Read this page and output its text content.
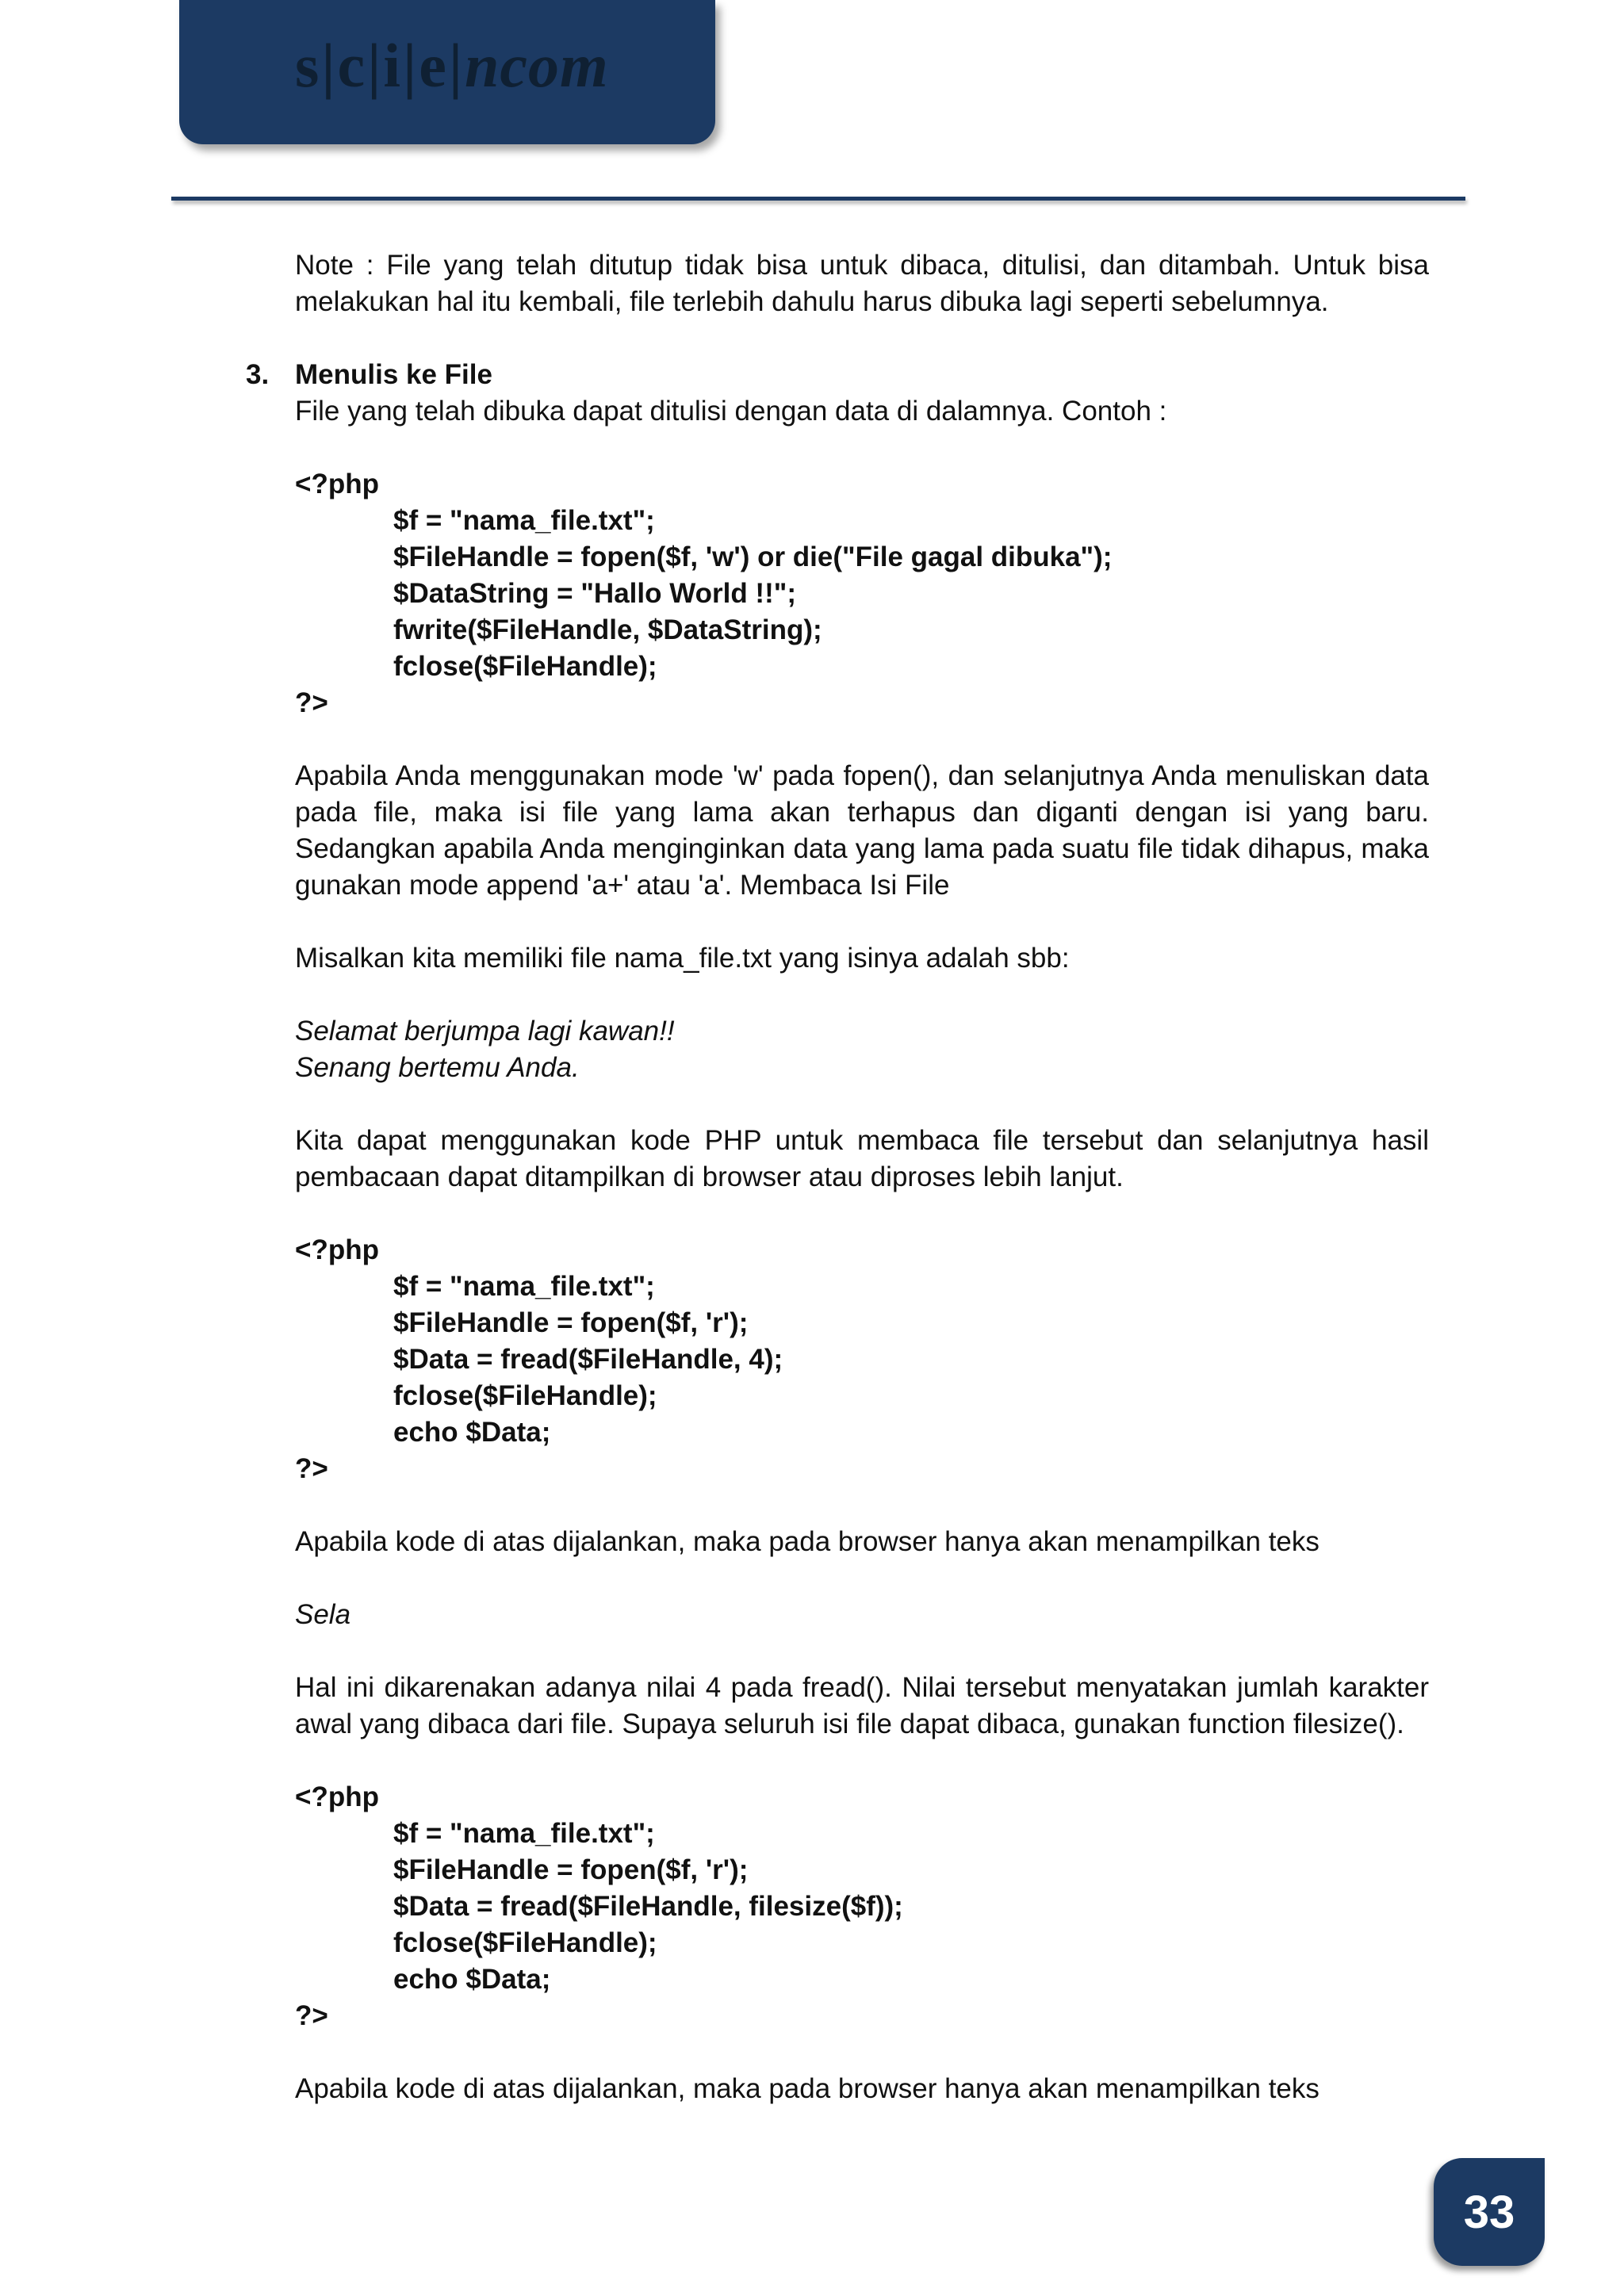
s|c|i|e|ncom

Note : File yang telah ditutup tidak bisa untuk dibaca, ditulisi, dan ditambah. Untuk bisa melakukan hal itu kembali, file terlebih dahulu harus dibuka lagi seperti sebelumnya.

3. Menulis ke File

File yang telah dibuka dapat ditulisi dengan data di dalamnya. Contoh :

<?php
$f = "nama_file.txt";
$FileHandle = fopen($f, 'w') or die("File gagal dibuka");
$DataString = "Hallo World !!";
fwrite($FileHandle, $DataString);
fclose($FileHandle);
?>

Apabila Anda menggunakan mode 'w' pada fopen(), dan selanjutnya Anda menuliskan data pada file, maka isi file yang lama akan terhapus dan diganti dengan isi yang baru. Sedangkan apabila Anda menginginkan data yang lama pada suatu file tidak dihapus, maka gunakan mode append 'a+' atau 'a'. Membaca Isi File

Misalkan kita memiliki file nama_file.txt yang isinya adalah sbb:

Selamat berjumpa lagi kawan!!

Senang bertemu Anda.

Kita dapat menggunakan kode PHP untuk membaca file tersebut dan selanjutnya hasil pembacaan dapat ditampilkan di browser atau diproses lebih lanjut.

<?php
$f = "nama_file.txt";
$FileHandle = fopen($f, 'r');
$Data = fread($FileHandle, 4);
fclose($FileHandle);
echo $Data;
?>

Apabila kode di atas dijalankan, maka pada browser hanya akan menampilkan teks

Sela

Hal ini dikarenakan adanya nilai 4 pada fread(). Nilai tersebut menyatakan jumlah karakter awal yang dibaca dari file. Supaya seluruh isi file dapat dibaca, gunakan function filesize().

<?php
$f = "nama_file.txt";
$FileHandle = fopen($f, 'r');
$Data = fread($FileHandle, filesize($f));
fclose($FileHandle);
echo $Data;
?>

Apabila kode di atas dijalankan, maka pada browser hanya akan menampilkan teks

33
